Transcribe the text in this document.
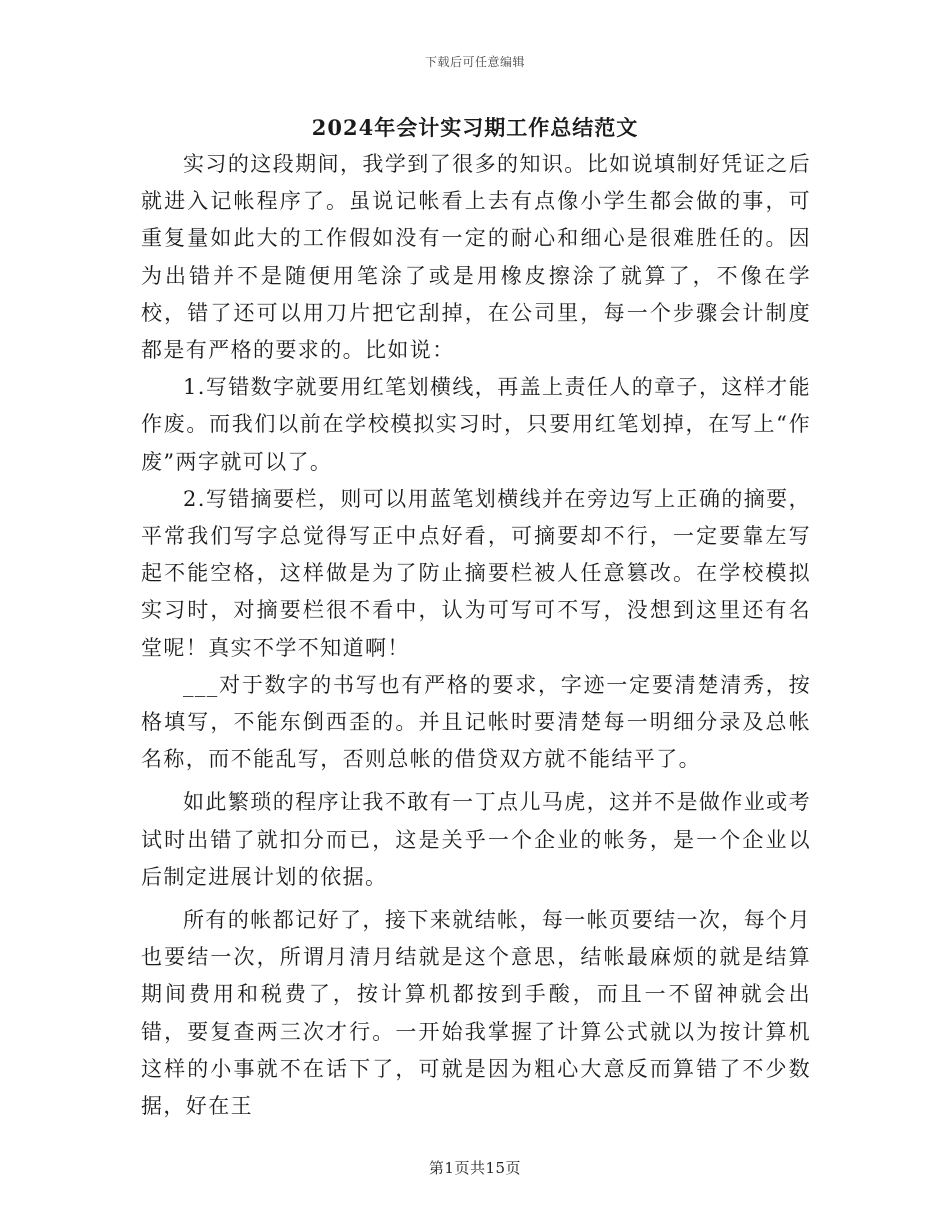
下载后可任意编辑
2024年会计实习期工作总结范文

实习的这段期间，我学到了很多的知识。比如说填制好凭证之后就进入记帐程序了。虽说记帐看上去有点像小学生都会做的事，可重复量如此大的工作假如没有一定的耐心和细心是很难胜任的。因为出错并不是随便用笔涂了或是用橡皮擦涂了就算了，不像在学校，错了还可以用刀片把它刮掉，在公司里，每一个步骤会计制度都是有严格的要求的。比如说：

1.写错数字就要用红笔划横线，再盖上责任人的章子，这样才能作废。而我们以前在学校模拟实习时，只要用红笔划掉，在写上“作废”两字就可以了。

2.写错摘要栏，则可以用蓝笔划横线并在旁边写上正确的摘要，平常我们写字总觉得写正中点好看，可摘要却不行，一定要靠左写起不能空格，这样做是为了防止摘要栏被人任意篡改。在学校模拟实习时，对摘要栏很不看中，认为可写可不写，没想到这里还有名堂呢！真实不学不知道啊！

___对于数字的书写也有严格的要求，字迹一定要清楚清秀，按格填写，不能东倒西歪的。并且记帐时要清楚每一明细分录及总帐名称，而不能乱写，否则总帐的借贷双方就不能结平了。

如此繁琐的程序让我不敢有一丁点儿马虎，这并不是做作业或考试时出错了就扣分而已，这是关乎一个企业的帐务，是一个企业以后制定进展计划的依据。

所有的帐都记好了，接下来就结帐，每一帐页要结一次，每个月也要结一次，所谓月清月结就是这个意思，结帐最麻烦的就是结算期间费用和税费了，按计算机都按到手酸，而且一不留神就会出错，要复查两三次才行。一开始我掌握了计算公式就以为按计算机这样的小事就不在话下了，可就是因为粗心大意反而算错了不少数据，好在王

第1页共15页
